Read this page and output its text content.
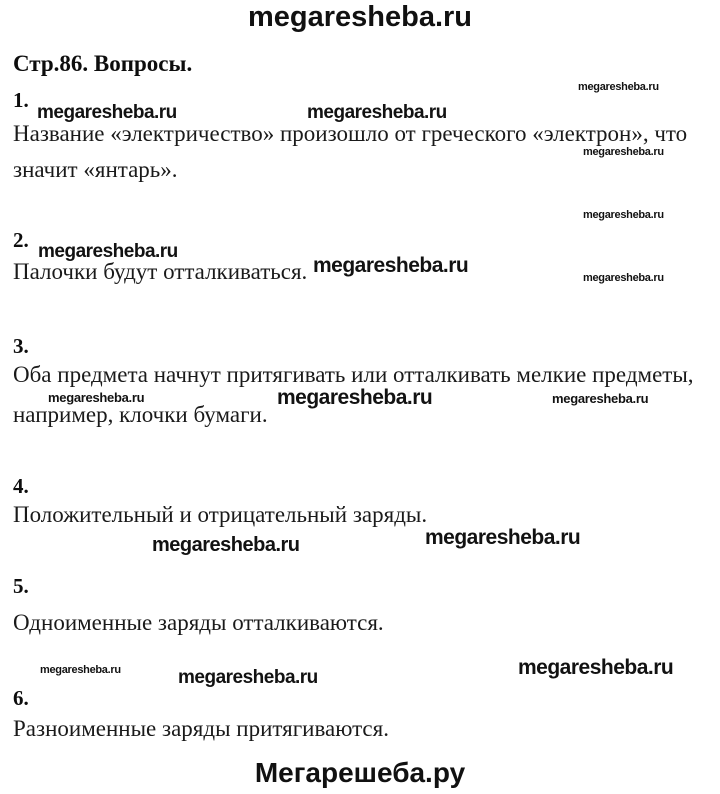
megaresheba.ru
Стр.86. Вопросы.
1.
Название «электричество» произошло от греческого «электрон», что
значит «янтарь».
2.
Палочки будут отталкиваться.
3.
Оба предмета начнут притягивать или отталкивать мелкие предметы,
например, клочки бумаги.
4.
Положительный и отрицательный заряды.
5.
Одноименные заряды отталкиваются.
6.
Разноименные заряды притягиваются.
megaresheba.ru
megaresheba.ru	megaresheba.ru
megaresheba.ru
megaresheba.ru
megaresheba.ru
megaresheba.ru
megaresheba.ru
megaresheba.ru	megaresheba.ru	megaresheba.ru
megaresheba.ru	megaresheba.ru
megaresheba.ru	megaresheba.ru	megaresheba.ru
Мегарешеба.ру
